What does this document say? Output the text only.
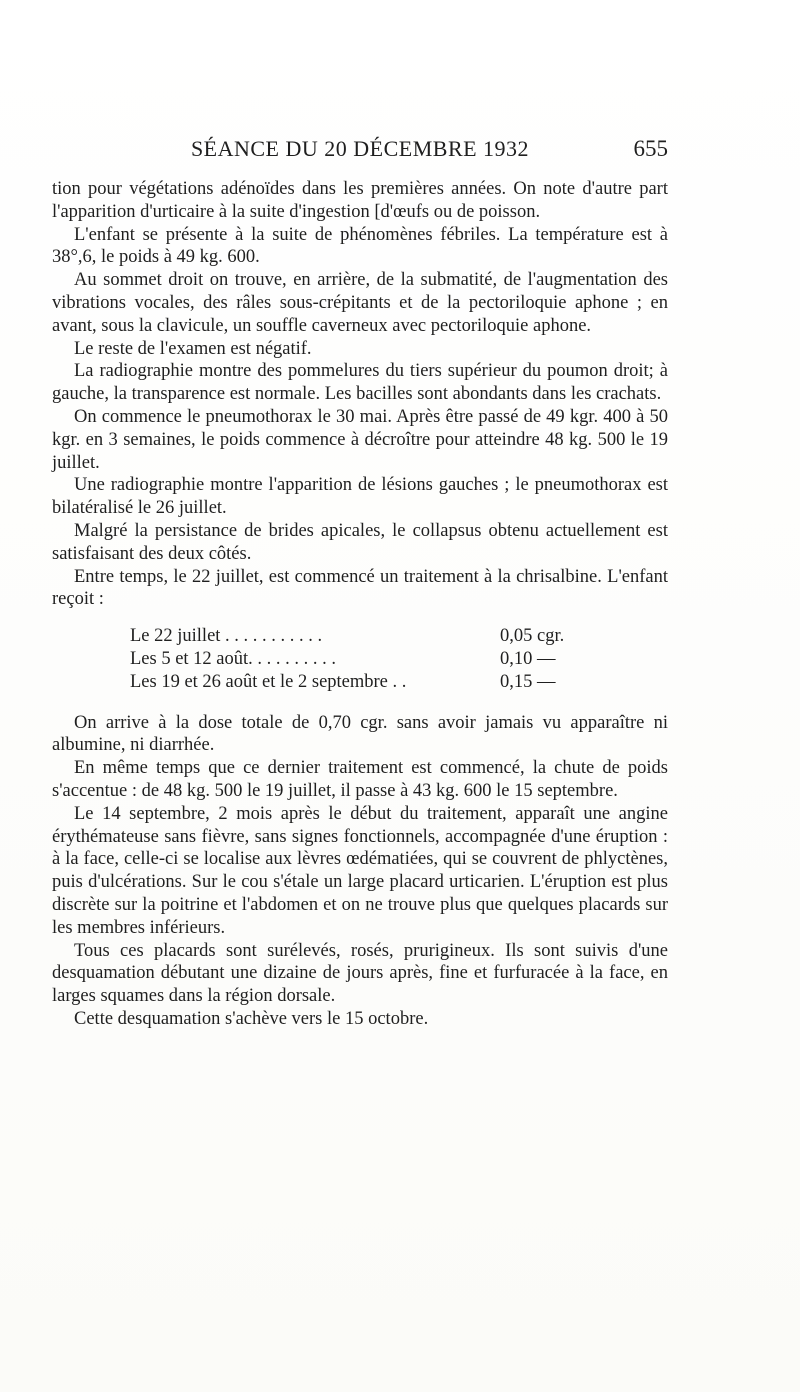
SÉANCE DU 20 DÉCEMBRE 1932	655

tion pour végétations adénoïdes dans les premières années. On note d'autre part l'apparition d'urticaire à la suite d'ingestion [d'œufs ou de poisson.

L'enfant se présente à la suite de phénomènes fébriles. La température est à 38°,6, le poids à 49 kg. 600.

Au sommet droit on trouve, en arrière, de la submatité, de l'augmentation des vibrations vocales, des râles sous-crépitants et de la pectoriloquie aphone ; en avant, sous la clavicule, un souffle caverneux avec pectoriloquie aphone.

Le reste de l'examen est négatif.

La radiographie montre des pommelures du tiers supérieur du poumon droit; à gauche, la transparence est normale. Les bacilles sont abondants dans les crachats.

On commence le pneumothorax le 30 mai. Après être passé de 49 kgr. 400 à 50 kgr. en 3 semaines, le poids commence à décroître pour atteindre 48 kg. 500 le 19 juillet.

Une radiographie montre l'apparition de lésions gauches ; le pneumothorax est bilatéralisé le 26 juillet.

Malgré la persistance de brides apicales, le collapsus obtenu actuellement est satisfaisant des deux côtés.

Entre temps, le 22 juillet, est commencé un traitement à la chrisalbine. L'enfant reçoit :

Le 22 juillet . . . . . . . . . . .	0,05 cgr.
Les 5 et 12 août. . . . . . . . . .	0,10 —
Les 19 et 26 août et le 2 septembre . .	0,15 —

On arrive à la dose totale de 0,70 cgr. sans avoir jamais vu apparaître ni albumine, ni diarrhée.

En même temps que ce dernier traitement est commencé, la chute de poids s'accentue : de 48 kg. 500 le 19 juillet, il passe à 43 kg. 600 le 15 septembre.

Le 14 septembre, 2 mois après le début du traitement, apparaît une angine érythémateuse sans fièvre, sans signes fonctionnels, accompagnée d'une éruption : à la face, celle-ci se localise aux lèvres œdématiées, qui se couvrent de phlyctènes, puis d'ulcérations. Sur le cou s'étale un large placard urticarien. L'éruption est plus discrète sur la poitrine et l'abdomen et on ne trouve plus que quelques placards sur les membres inférieurs.

Tous ces placards sont surélevés, rosés, prurigineux. Ils sont suivis d'une desquamation débutant une dizaine de jours après, fine et furfuracée à la face, en larges squames dans la région dorsale.

Cette desquamation s'achève vers le 15 octobre.
